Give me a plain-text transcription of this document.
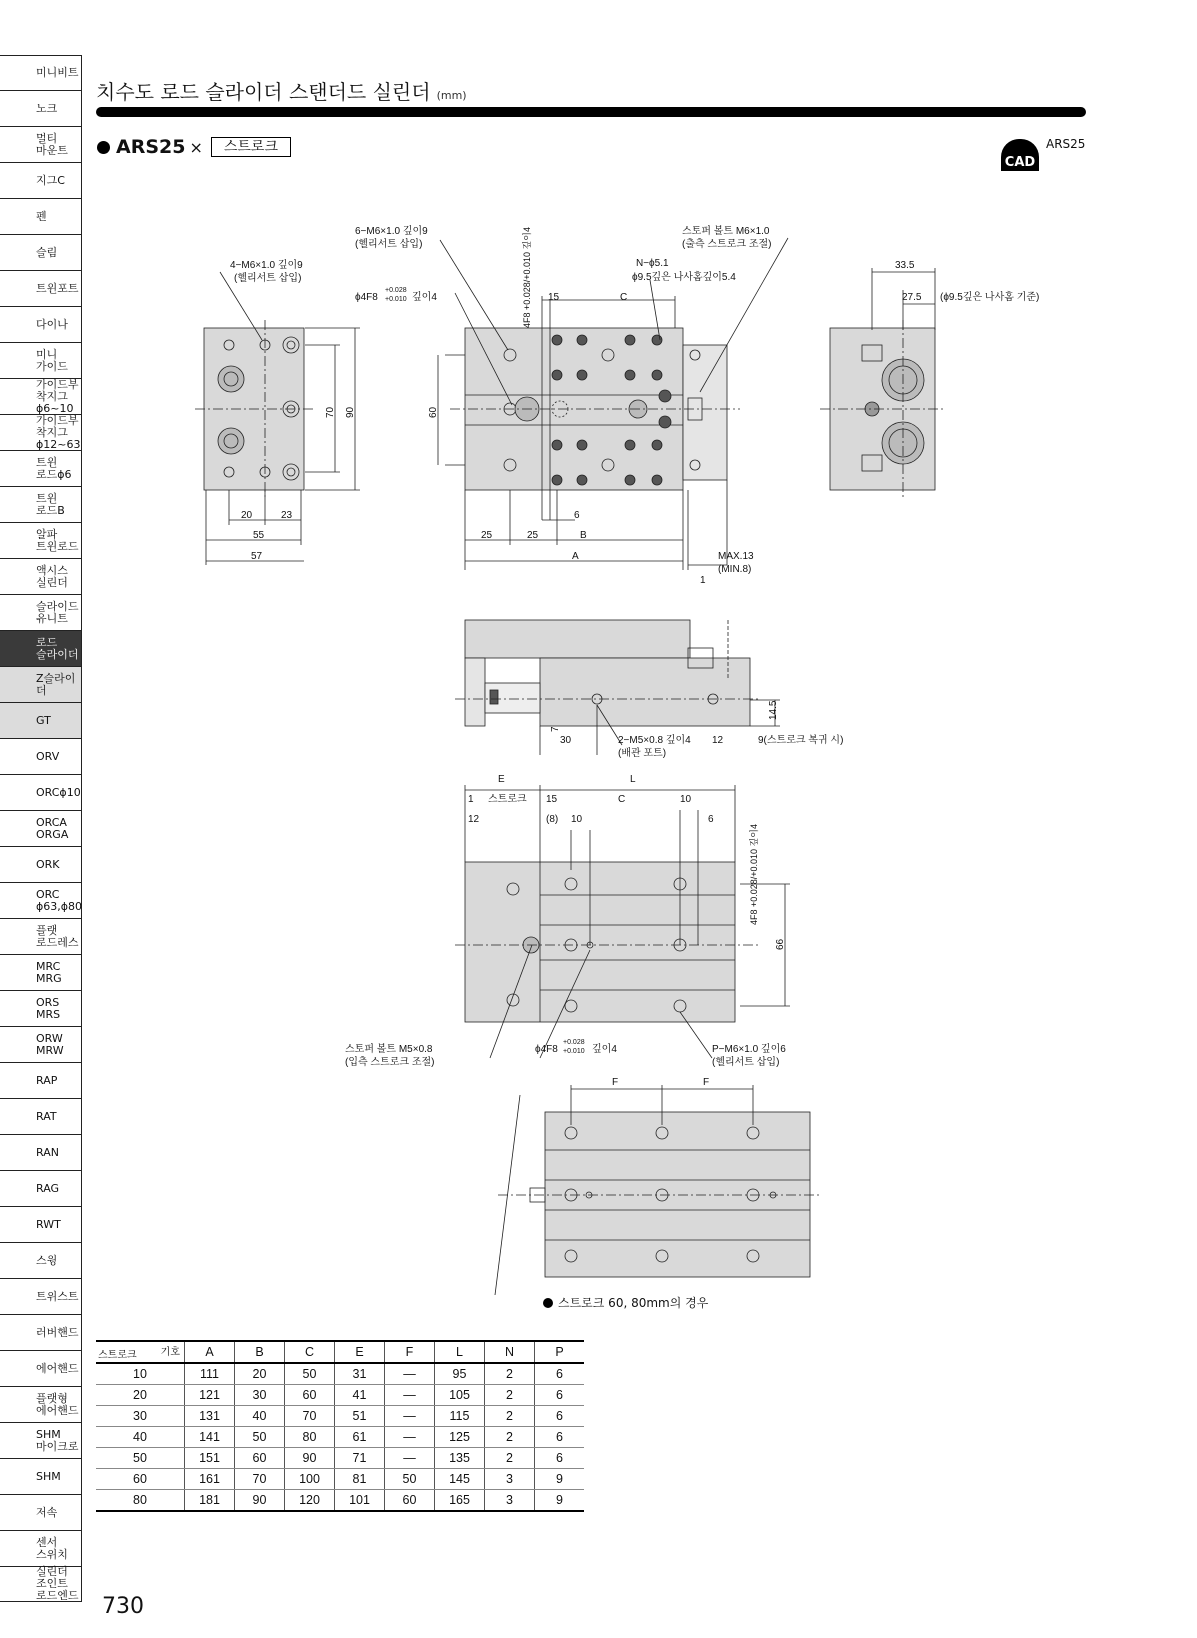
미니비트
노크
멀티
마운트
지그C
펜
슬림
트윈포트
다이나
미니
가이드
가이드부착지그
ϕ6~10
가이드부착지그
ϕ12~63
트윈
로드ϕ6
트윈
로드B
알파
트윈로드
액시스
실린더
슬라이드
유니트
로드
슬라이더
Z슬라이더
GT
ORV
ORCϕ10
ORCA
ORGA
ORK
ORC
ϕ63,ϕ80
플랫
로드레스
MRC
MRG
ORS
MRS
ORW
MRW
RAP
RAT
RAN
RAG
RWT
스윙
트위스트
러버핸드
에어핸드
플랫형
에어핸드
SHM
마이크로
SHM
저속
센서
스위치
실린더
조인트
로드엔드
치수도 로드 슬라이더 스탠더드 실린더 (mm)
ARS25 ×	스트로크
CAD
ARS25
4−M6×1.0 깊이9
(헬리서트 삽입)
6−M6×1.0 깊이9
(헬리서트 삽입)
ϕ4F8
+0.028
+0.010 깊이4	4F8 +0.028/+0.010 깊이4	스토퍼 볼트 M6×1.0
(출측 스트로크 조절)
N−ϕ5.1
ϕ9.5깊은 나사홈깊이5.4
33.5
27.5 (ϕ9.5깊은 나사홈 기준)
15	C
70 90	60
20	23
55
57
25	25	B
6
A	MAX.13
(MIN.8)
1
7
30	2−M5×0.8 깊이4
(배관 포트)
12	9(스트로크 복귀 시)
14.5
E	L
1 스트로크 15	C	10
12	(8) 10	6
4F8 +0.028/+0.010 깊이4
66
스토퍼 볼트 M5×0.8
(입측 스트로크 조절)
ϕ4F8
+0.028
+0.010 깊이4	P−M6×1.0 깊이6
(헬리서트 삽입)
F	F
스트로크 60, 80mm의 경우
기호
스트로크	A	B	C	E	F	L	N	P
10	111	20	50	31	—	95	2	6
20	121	30	60	41	—	105	2	6
30	131	40	70	51	—	115	2	6
40	141	50	80	61	—	125	2	6
50	151	60	90	71	—	135	2	6
60	161	70	100	81	50	145	3	9
80	181	90	120	101	60	165	3	9
730
